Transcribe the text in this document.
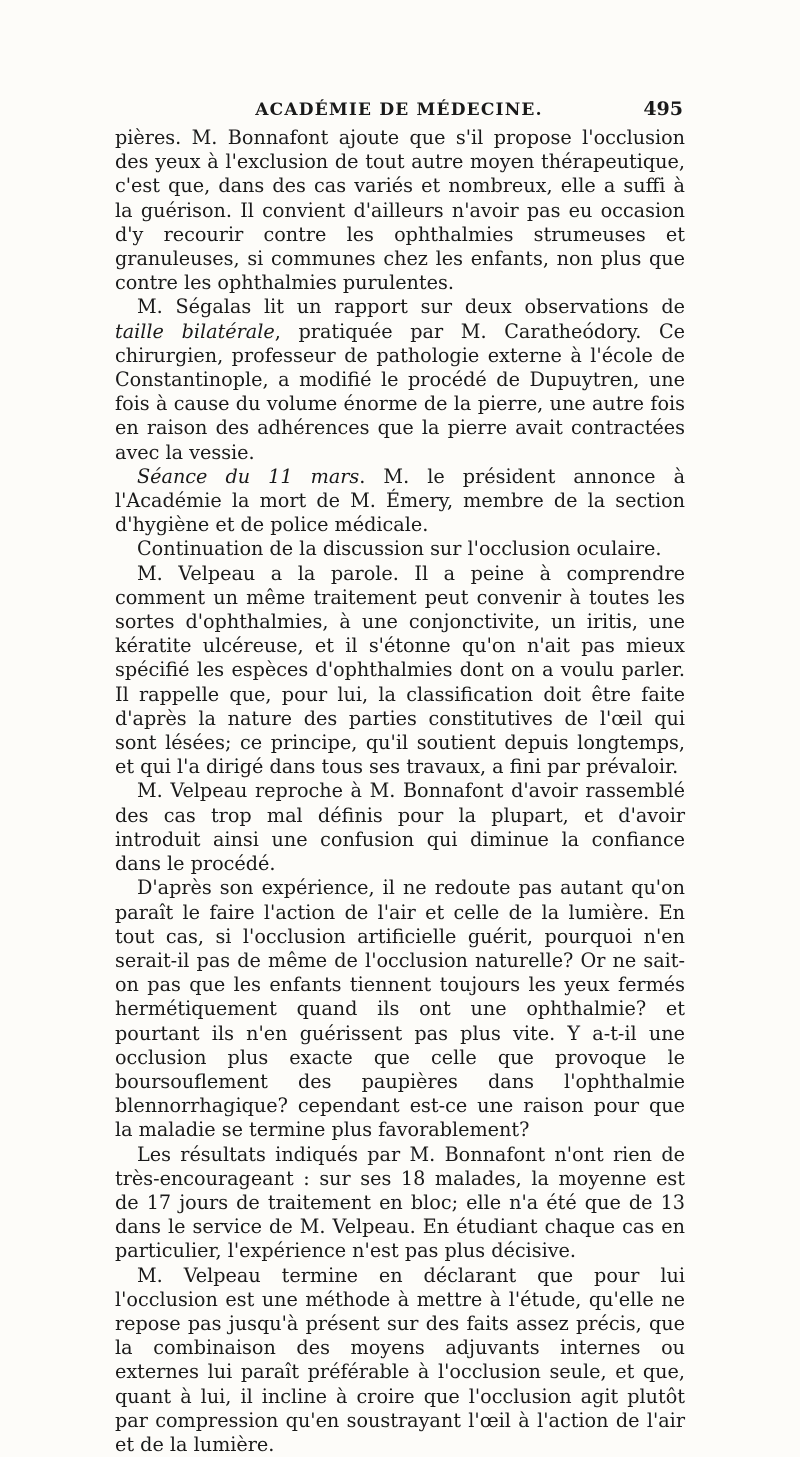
ACADÉMIE DE MÉDECINE.	495

pières. M. Bonnafont ajoute que s'il propose l'occlusion des yeux à l'exclusion de tout autre moyen thérapeutique, c'est que, dans des cas variés et nombreux, elle a suffi à la guérison. Il convient d'ailleurs n'avoir pas eu occasion d'y recourir contre les ophthalmies strumeuses et granuleuses, si communes chez les enfants, non plus que contre les ophthalmies purulentes.

M. Ségalas lit un rapport sur deux observations de taille bilatérale, pratiquée par M. Caratheódory. Ce chirurgien, professeur de pathologie externe à l'école de Constantinople, a modifié le procédé de Dupuytren, une fois à cause du volume énorme de la pierre, une autre fois en raison des adhérences que la pierre avait contractées avec la vessie.

Séance du 11 mars. M. le président annonce à l'Académie la mort de M. Émery, membre de la section d'hygiène et de police médicale.

Continuation de la discussion sur l'occlusion oculaire.

M. Velpeau a la parole. Il a peine à comprendre comment un même traitement peut convenir à toutes les sortes d'ophthalmies, à une conjonctivite, un iritis, une kératite ulcéreuse, et il s'étonne qu'on n'ait pas mieux spécifié les espèces d'ophthalmies dont on a voulu parler. Il rappelle que, pour lui, la classification doit être faite d'après la nature des parties constitutives de l'œil qui sont lésées; ce principe, qu'il soutient depuis longtemps, et qui l'a dirigé dans tous ses travaux, a fini par prévaloir.

M. Velpeau reproche à M. Bonnafont d'avoir rassemblé des cas trop mal définis pour la plupart, et d'avoir introduit ainsi une confusion qui diminue la confiance dans le procédé.

D'après son expérience, il ne redoute pas autant qu'on paraît le faire l'action de l'air et celle de la lumière. En tout cas, si l'occlusion artificielle guérit, pourquoi n'en serait-il pas de même de l'occlusion naturelle? Or ne sait-on pas que les enfants tiennent toujours les yeux fermés hermétiquement quand ils ont une ophthalmie? et pourtant ils n'en guérissent pas plus vite. Y a-t-il une occlusion plus exacte que celle que provoque le boursouflement des paupières dans l'ophthalmie blennorrhagique? cependant est-ce une raison pour que la maladie se termine plus favorablement?

Les résultats indiqués par M. Bonnafont n'ont rien de très-encourageant : sur ses 18 malades, la moyenne est de 17 jours de traitement en bloc; elle n'a été que de 13 dans le service de M. Velpeau. En étudiant chaque cas en particulier, l'expérience n'est pas plus décisive.

M. Velpeau termine en déclarant que pour lui l'occlusion est une méthode à mettre à l'étude, qu'elle ne repose pas jusqu'à présent sur des faits assez précis, que la combinaison des moyens adjuvants internes ou externes lui paraît préférable à l'occlusion seule, et que, quant à lui, il incline à croire que l'occlusion agit plutôt par compression qu'en soustrayant l'œil à l'action de l'air et de la lumière.
